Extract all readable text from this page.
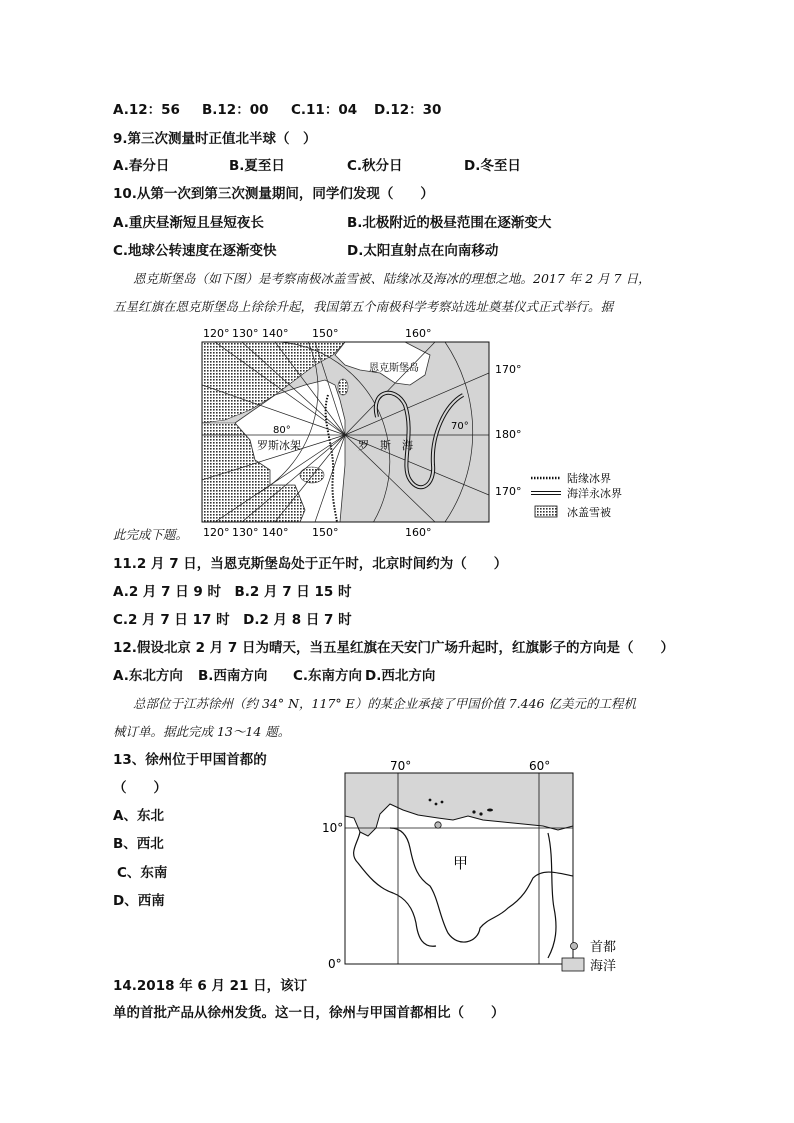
A.12：56 B.12：00 C.11：04 D.12：30
9.第三次测量时正值北半球（　）
A.春分日	B.夏至日	C.秋分日	D.冬至日
10.从第一次到第三次测量期间，同学们发现（　　）
A.重庆昼渐短且昼短夜长	B.北极附近的极昼范围在逐渐变大
C.地球公转速度在逐渐变快	D.太阳直射点在向南移动
恩克斯堡岛（如下图）是考察南极冰盖雪被、陆缘冰及海冰的理想之地。2017 年 2 月 7 日，
五星红旗在恩克斯堡岛上徐徐升起，我国第五个南极科学考察站选址奠基仪式正式举行。据
120° 130° 140° 150°	160°
120° 130° 140° 150°	160°
170°
180°
170°
80°	70°
恩克斯堡岛
罗斯冰架	罗　斯　海
陆缘冰界
海洋永冰界
冰盖雪被
此完成下题。
11.2 月 7 日，当恩克斯堡岛处于正午时，北京时间约为（　　）
A.2 月 7 日 9 时　B.2 月 7 日 15 时
C.2 月 7 日 17 时　D.2 月 8 日 7 时
12.假设北京 2 月 7 日为晴天，当五星红旗在天安门广场升起时，红旗影子的方向是（　　）
A.东北方向 B.西南方向 C.东南方向 D.西北方向
总部位于江苏徐州（约 34° N，117° E）的某企业承接了甲国价值 7.446 亿美元的工程机
械订单。据此完成 13～14 题。
13、徐州位于甲国首都的
（　　）
A、东北
B、西北
C、东南
D、西南
70°	60°
10°
0°
甲
首都
海洋
14.2018 年 6 月 21 日，该订
单的首批产品从徐州发货。这一日，徐州与甲国首都相比（　　）
